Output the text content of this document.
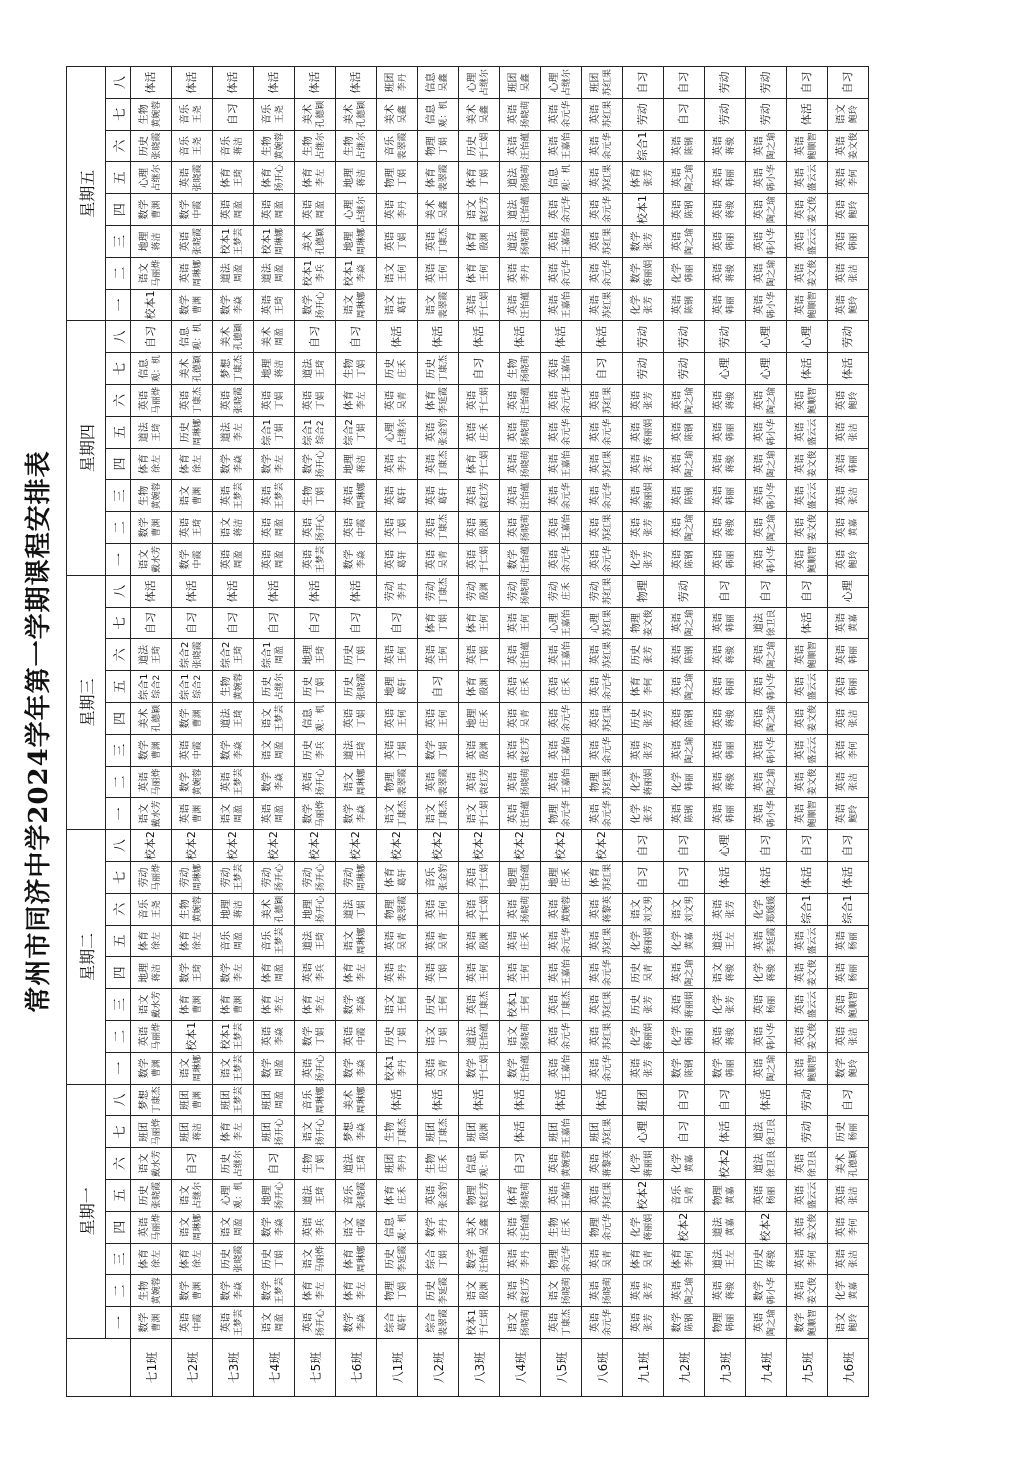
常州市同济中学2024学年第一学期课程安排表
	星期一								星期二								星期三								星期四								星期五							
	一	二	三	四	五	六	七	八	一	二	三	四	五	六	七	八	一	二	三	四	五	六	七	八	一	二	三	四	五	六	七	八	一	二	三	四	五	六	七	八
七1班	数学 曹渊	生物 黄婉蓉	体育 徐左	英语 马丽烨	历史 张晓霞	语文 戴水芳	班团 马丽烨	梦想 丁康杰	数学 曹渊	英语 马丽烨	语文 戴水芳	地理 蒋洁	体育 徐左	音乐 王尧	劳动 马丽烨	校本2	语文 戴水芳	英语 马丽烨	数学 曹渊	美术 孔德颖	综合1 综合2	道法 王琦	自习	体活	语文 戴水芳	数学 曹渊	生物 黄婉蓉	体育 徐左	道法 王琦	英语 马丽烨	信息 观：机	自习	校本1	语文 马丽烨	地理 蒋洁	数学 曹渊	心理 占继尔	历史 张晓霞	生物 黄婉蓉	体活

七2班	英语 中霞	数学 曹渊	体育 徐左	语文 周琳娜	语文 占继尔	自习	班团 蒋洁	班团 曹渊	语文 周琳娜	校本1	体育 曹渊	数学 王琦	体育 徐左	生物 黄婉蓉	劳动 周琳娜	校本2	英语 曹渊	数学 黄婉蓉	英语 中霞	数学 曹渊	综合1 综合2	综合2 张晓霞	自习	体活	数学 中霞	英语 王琦	语文 曹渊	体育 徐左	历史 周琳娜	英语 丁康杰	美术 孔德颖	信息 观：机	数学 曹渊	英语 周琳娜	英语 张晓霞	数学 中霞	英语 张晓霞	音乐 王尧	音乐 王尧	体活

七3班	英语 王梦芸	数学 李焱	历史 张晓霞	语文 周盈	心理 观：机	历史 占继尔	体育 李左	班团 王梦芸	语文 王梦芸	校本1 王梦芸	体育 曹渊	数学 李左	音乐 周盈	地理 蒋洁	劳动 王梦芸	校本2	语文 周盈	英语 王梦芸	数学 李焱	道法 王琦	生物 黄婉蓉	综合2 王琦	自习	体活	英语 周盈	语文 蒋洁	英语 王梦芸	数学 李焱	道法 李左	英语 张晓霞	梦想 丁康杰	美术 孔德颖	数学 李焱	道法 周盈	校本1 王梦芸	英语 周盈	体育 王琦	音乐 蒋洁	自习	体活

七4班	语文 周盈	数学 王梦芸	历史 丁娟	数学 李焱	地理 扬开心	自习	班团 扬开心	班团 周盈	数学 周盈	英语 李焱	体育 李左	体育 周盈	音乐 王梦芸	美术 孔德颖	劳动 扬开心	校本2	英语 周盈	数学 李焱	语文 周盈	语文 王梦芸	历史 占继尔	综合1 周盈	自习	体活	英语 周盈	英语 周盈	英语 王梦芸	数学 李左	综合1 丁娟	英语 丁娟	地理 蒋洁	美术 周盈	英语 王琦	道法 周盈	校本1 周琳娜	英语 周盈	体育 扬开心	生物 黄婉蓉	音乐 王尧	体活

七5班	英语 扬开心	体育 李左	语文 马丽烨	英语 李兵	道法 王琦	生物 丁娟	语文 扬开心	音乐 周琳娜	英语 扬开心	数学 丁娟	体育 李左	英语 李兵	道法 王琦	地理 扬开心	劳动 扬开心	校本2	数学 马丽烨	英语 扬开心	历史 李兵	信息 观：机	历史 丁娟	地理 王琦	自习	体活	英语 王梦芸	英语 扬开心	生物 丁娟	数学 扬开心	综合1 综合2	英语 丁娟	道法 王琦	自习	数学 扬开心	校本1 李兵	美术 孔德颖	英语 周盈	体育 李左	生物 占继尔	美术 孔德颖	体活

七6班	数学 李焱	体育 李左	体育 周琳娜	语文 中霞	音乐 张晓霞	道法 王琦	梦想 李焱	美术 周琳娜	数学 李焱	英语 中霞	数学 李焱	体育 李左	语文 周琳娜	道法 丁娟	劳动 周琳娜	校本2	数学 李焱	语文 周琳娜	道法 王琦	英语 丁娟	历史 张晓霞	历史 丁娟	自习	体活	数学 李焱	英语 中霞	英语 周琳娜	地理 蒋洁	综合2 丁娟	体育 李左	生物 丁娟	自习	语文 周琳娜	校本1 李焱	地理 周琳娜	心理 占继尔	地理 蒋洁	生物 占继尔	美术 孔德颖	体活

八1班	综合 葛轩	物理 丁娟	历史 李延霞	信息 观：机	体育 庄禾	班团 李丹	生物 丁康杰	体活	校本1 李丹	历史 丁娟	语文 王何	英语 李丹	英语 吴青	物理 裴翠霞	体育 葛轩	校本2	语文 丁康杰	物理 裴翠霞	英语 丁娟	英语 王何	地理 葛轩	英语 王何	自习	劳动 李丹	英语 葛轩	英语 丁娟	英语 葛轩	英语 李丹	心理 占继尔	英语 吴青	历史 庄禾	体活	语文 葛轩	语文 王何	英语 丁娟	英语 李丹	物理 丁娟	音乐 裴翠霞	美术 吴鑫	班团 李丹

八2班	综合 裴翠霞	历史 李延霞	综合 丁娟	数学 李丹	英语 张金豹	生物 庄禾	班团 丁康杰	体活	英语 吴青	语文 丁娟	历史 王何	英语 丁娟	英语 吴青	英语 王何	音乐 张金豹	校本2	语文 丁康杰	英语 裴翠霞	数学 丁娟	英语 王何	自习	英语 王何	体育 丁娟	劳动 丁康杰	英语 吴青	英语 丁康杰	英语 葛轩	英语 丁康杰	英语 张金豹	体育 李延霞	历史 丁康杰	体活	语文 裴翠霞	英语 王何	英语 丁康杰	美术 吴鑫	体育 裴翠霞	物理 丁娟	信息 观：机	信息 吴鑫

八3班	校本1 于仁娟	语文 殷渊	数学 汪怡蕴	美术 吴鑫	物理 袁红芳	信息 观：机	班团 殷渊	体活	数学 于仁娟	道法 汪怡蕴	英语 丁康杰	英语 王何	英语 殷渊	英语 于仁娟	英语 于仁娟	校本2	语文 于仁娟	英语 袁红芳	英语 殷渊	地理 庄禾	体育 殷渊	英语 丁娟	体育 王何	劳动 殷渊	英语 于仁娟	英语 殷渊	英语 袁红芳	体育 于仁娟	英语 庄禾	英语 于仁娟	自习	体活	英语 于仁娟	体育 王何	体育 殷渊	语文 袁红芳	体育 丁娟	历史 于仁娟	美术 吴鑫	心理 占继尔

八4班	语文 扬晓萌	英语 袁红芳	英语 李丹	英语 汪怡蕴	体育 扬晓萌	自习	体活	体活	数学 汪怡蕴	语文 扬晓萌	校本1 王何	英语 王何	英语 庄禾	英语 扬晓萌	地理 汪怡蕴	校本2	英语 汪怡蕴	英语 扬晓萌	英语 袁红芳	英语 吴青	英语 庄禾	英语 汪怡蕴	英语 王何	劳动 扬晓萌	数学 汪怡蕴	英语 扬晓萌	英语 汪怡蕴	英语 扬晓萌	英语 扬晓萌	英语 汪怡蕴	生物 扬晓萌	体活	英语 汪怡蕴	英语 李丹	道法 扬晓萌	道法 汪怡蕴	道法 扬晓萌	英语 汪怡蕴	英语 扬晓萌	班团 吴鑫

八5班	英语 丁康杰	语文 扬晓萌	物理 余元华	生物 庄禾	英语 王嘉怡	英语 黄婉蓉	班团 王嘉怡	体活	英语 王嘉怡	英语 余元华	英语 丁康杰	英语 王嘉怡	英语 余元华	英语 黄婉蓉	地理 庄禾	校本2	物理 余元华	英语 王嘉怡	英语 王嘉怡	英语 余元华	英语 庄禾	英语 王嘉怡	心理 王嘉怡	劳动 庄禾	英语 余元华	英语 王嘉怡	英语 余元华	英语 王嘉怡	英语 余元华	英语 余元华	英语 王嘉怡	体活	英语 王嘉怡	英语 余元华	英语 王嘉怡	英语 余元华	信息 观：机	英语 王嘉怡	英语 余元华	心理 占继尔

八6班	英语 余元华	英语 扬晓萌	英语 吴青	物理 余元华	英语 苏红果	英语 蒋黎英	班团 苏红果	体活	英语 余元华	英语 苏红果	英语 苏红果	英语 余元华	英语 苏红果	英语 蒋黎英	体育 苏红果	校本2	英语 余元华	物理 苏红果	英语 余元华	英语 苏红果	英语 余元华	英语 苏红果	心理 苏红果	劳动 苏红果	英语 余元华	英语 苏红果	英语 余元华	英语 苏红果	英语 余元华	英语 苏红果	自习	体活	英语 苏红果	英语 余元华	英语 苏红果	英语 余元华	英语 苏红果	英语 余元华	英语 苏红果	班团 苏红果

九1班	英语 张芳	英语 张芳	体育 吴青	化学 蒋丽娟	校本2	化学 蒋丽娟	心理	班团	英语 张芳	化学 蒋丽娟	历史 张芳	历史 吴青	化学 蒋丽娟	语文 刘文男	自习	自习	化学 张芳	化学 蒋丽娟	英语 张芳	历史 张芳	体育 李何	历史 张芳	物理 姜文俊	物理	化学 张芳	英语 张芳	英语 蒋丽娟	英语 张芳	英语 蒋丽娟	英语 张芳	劳动	劳动	化学 张芳	数学 蒋丽娟	数学 张芳	校本1	体育 张芳	综合1	劳动	自习

九2班	数学 陈钢	英语 陶之瑜	体育 李何	校本2	音乐 吴青	化学 黄嘉	自习	自习	数学 陈钢	化学 韩丽	英语 蒋丽娟	英语 陶之瑜	化学 黄嘉	语文 刘文男	自习	自习	英语 陈钢	化学 韩丽	英语 陶之瑜	英语 陈钢	英语 陶之瑜	英语 陈钢	英语 陶之瑜	劳动	英语 陈钢	英语 陶之瑜	英语 陈钢	英语 陶之瑜	英语 陈钢	英语 陶之瑜	劳动	劳动	英语 陈钢	化学 韩丽	英语 陶之瑜	英语 陈钢	英语 陶之瑜	英语 陈钢	自习	自习

九3班	物理 韩丽	英语 蒋骏	道法 王左	道法 黄嘉	物理 黄嘉	校本2	体活	自习	数学 韩丽	英语 蒋骏	化学 张芳	语文 蒋骏	道法 王左	英语 张芳	体活	心理	英语 韩丽	英语 蒋骏	英语 韩丽	英语 蒋骏	英语 韩丽	英语 蒋骏	英语 韩丽	自习	英语 韩丽	英语 蒋骏	英语 韩丽	英语 蒋骏	英语 韩丽	英语 蒋骏	心理	劳动	英语 韩丽	英语 蒋骏	英语 韩丽	英语 蒋骏	英语 韩丽	英语 蒋骏	劳动	劳动

九4班	英语 陶之瑜	数学 韩小华	历史 蒋骏	校本2	英语 杨丽	道法 徐卫良	道法 徐卫良	体活	英语 陶之瑜	英语 韩小华	英语 杨丽	化学 蒋骏	英语 李延霞	化学 郑媛媛	体活	自习	英语 韩小华	英语 陶之瑜	英语 韩小华	英语 陶之瑜	英语 韩小华	英语 陶之瑜	道法 徐卫良	自习	英语 韩小华	英语 陶之瑜	英语 韩小华	英语 陶之瑜	英语 韩小华	英语 陶之瑜	心理	心理	英语 韩小华	英语 陶之瑜	英语 韩小华	英语 陶之瑜	英语 韩小华	英语 陶之瑜	劳动	劳动

九5班	数学 鲍顺智	英语 姜文俊	英语 李何	英语 姜文俊	英语 盛云云	英语 徐卫良	劳动	劳动	英语 鲍顺智	英语 姜文俊	英语 盛云云	英语 姜文俊	英语 盛云云	综合1	体活	自习	英语 鲍顺智	英语 姜文俊	英语 盛云云	英语 姜文俊	英语 盛云云	英语 鲍顺智	体活	自习	英语 鲍顺智	英语 姜文俊	英语 盛云云	英语 姜文俊	英语 盛云云	英语 鲍顺智	体活	心理	英语 鲍顺智	英语 姜文俊	英语 盛云云	英语 姜文俊	英语 盛云云	英语 鲍顺智	体活	自习

九6班	语文 鲍玲	化学 黄嘉	英语 张洁	英语 李何	英语 张洁	美术 孔德颖	历史 杨丽	自习	数学 鲍玲	英语 张洁	英语 鲍顺智	英语 杨丽	英语 杨丽	综合1	体活	自习	英语 鲍玲	英语 张洁	英语 李何	英语 张洁	英语 韩丽	英语 韩丽	英语 黄嘉	心理	英语 鲍玲	英语 黄嘉	英语 张洁	英语 韩丽	英语 张洁	英语 鲍玲	体活	劳动	英语 鲍玲	英语 张洁	英语 韩丽	英语 鲍玲	英语 李何	英语 姜文俊	语文 鲍玲	自习
